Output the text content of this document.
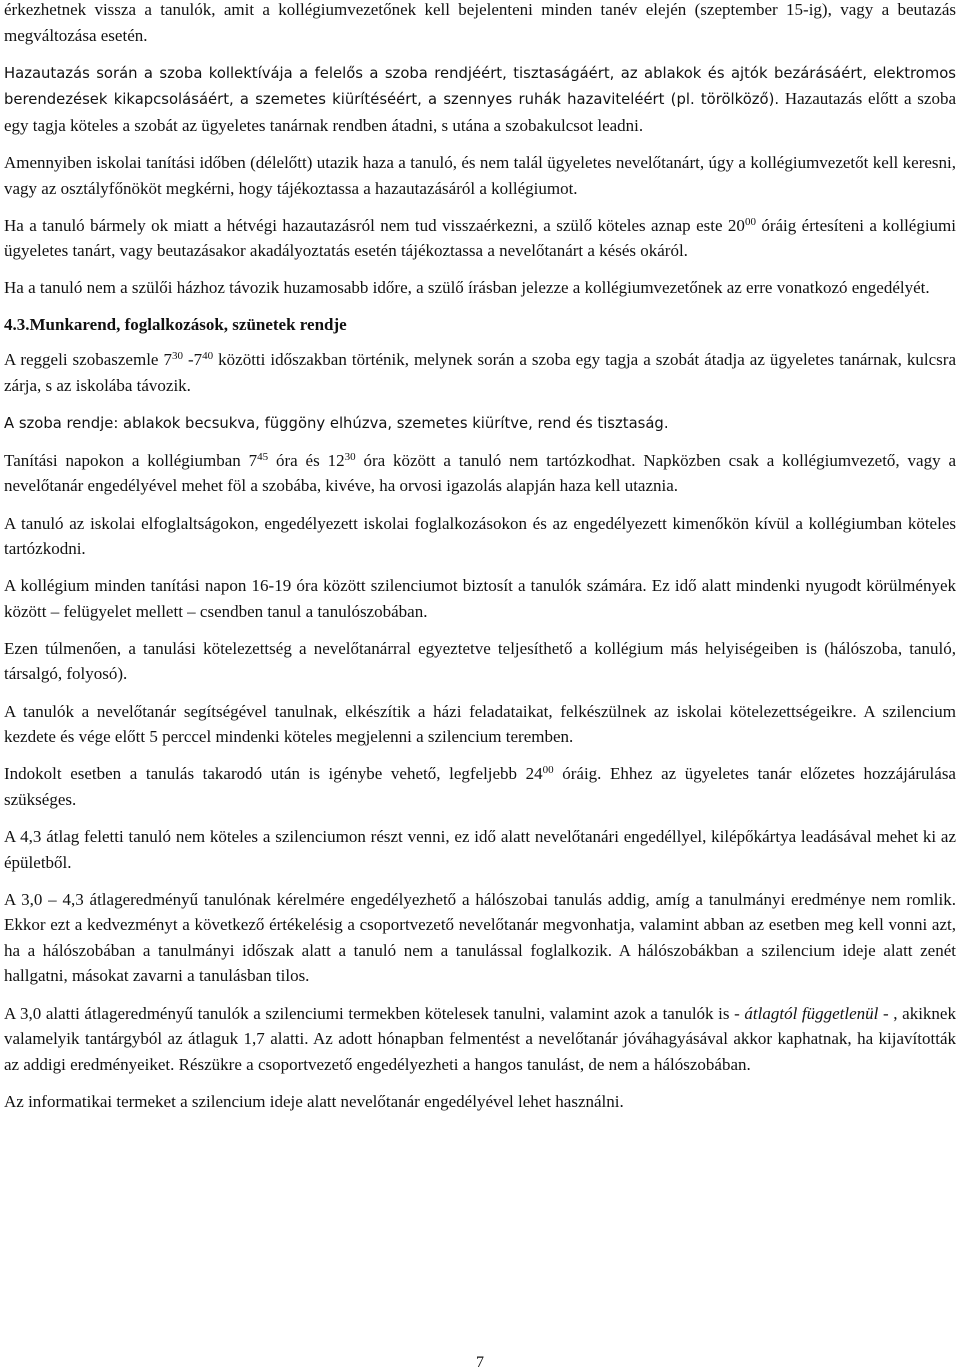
érkezhetnek vissza a tanulók, amit a kollégiumvezetőnek kell bejelenteni minden tanév elején (szeptember 15-ig), vagy a beutazás megváltozása esetén.

Hazautazás során a szoba kollektívája a felelős a szoba rendjéért, tisztaságáért, az ablakok és ajtók bezárásáért, elektromos berendezések kikapcsolásáért, a szemetes kiürítéséért, a szennyes ruhák hazaviteléért (pl. törölköző). Hazautazás előtt a szoba egy tagja köteles a szobát az ügyeletes tanárnak rendben átadni, s utána a szobakulcsot leadni.

Amennyiben iskolai tanítási időben (délelőtt) utazik haza a tanuló, és nem talál ügyeletes nevelőtanárt, úgy a kollégiumvezetőt kell keresni, vagy az osztályfőnököt megkérni, hogy tájékoztassa a hazautazásáról a kollégiumot.

Ha a tanuló bármely ok miatt a hétvégi hazautazásról nem tud visszaérkezni, a szülő köteles aznap este $20^{00}$ óráig értesíteni a kollégiumi ügyeletes tanárt, vagy beutazásakor akadályoztatás esetén tájékoztassa a nevelőtanárt a késés okáról.

Ha a tanuló nem a szülői házhoz távozik huzamosabb időre, a szülő írásban jelezze a kollégiumvezetőnek az erre vonatkozó engedélyét.

4.3.Munkarend, foglalkozások, szünetek rendje

A reggeli szobaszemle $7^{30}$ $-7^{40}$ közötti időszakban történik, melynek során a szoba egy tagja a szobát átadja az ügyeletes tanárnak, kulcsra zárja, s az iskolába távozik.

A szoba rendje: ablakok becsukva, függöny elhúzva, szemetes kiürítve, rend és tisztaság.

Tanítási napokon a kollégiumban $7^{45}$ óra és $12^{30}$ óra között a tanuló nem tartózkodhat. Napközben csak a kollégiumvezető, vagy a nevelőtanár engedélyével mehet föl a szobába, kivéve, ha orvosi igazolás alapján haza kell utaznia.

A tanuló az iskolai elfoglaltságokon, engedélyezett iskolai foglalkozásokon és az engedélyezett kimenőkön kívül a kollégiumban köteles tartózkodni.

A kollégium minden tanítási napon 16-19 óra között szilenciumot biztosít a tanulók számára. Ez idő alatt mindenki nyugodt körülmények között – felügyelet mellett – csendben tanul a tanulószobában.

Ezen túlmenően, a tanulási kötelezettség a nevelőtanárral egyeztetve teljesíthető a kollégium más helyiségeiben is (hálószoba, tanuló, társalgó, folyosó).

A tanulók a nevelőtanár segítségével tanulnak, elkészítik a házi feladataikat, felkészülnek az iskolai kötelezettségeikre. A szilencium kezdete és vége előtt 5 perccel mindenki köteles megjelenni a szilencium teremben.

Indokolt esetben a tanulás takarodó után is igénybe vehető, legfeljebb $24^{00}$ óráig. Ehhez az ügyeletes tanár előzetes hozzájárulása szükséges.

A 4,3 átlag feletti tanuló nem köteles a szilenciumon részt venni, ez idő alatt nevelőtanári engedéllyel, kilépőkártya leadásával mehet ki az épületből.

A 3,0 – 4,3 átlageredményű tanulónak kérelmére engedélyezhető a hálószobai tanulás addig, amíg a tanulmányi eredménye nem romlik. Ekkor ezt a kedvezményt a következő értékelésig a csoportvezető nevelőtanár megvonhatja, valamint abban az esetben meg kell vonni azt, ha a hálószobában a tanulmányi időszak alatt a tanuló nem a tanulással foglalkozik. A hálószobákban a szilencium ideje alatt zenét hallgatni, másokat zavarni a tanulásban tilos.

A 3,0 alatti átlageredményű tanulók a szilenciumi termekben kötelesek tanulni, valamint azok a tanulók is - átlagtól függetlenül - , akiknek valamelyik tantárgyból az átlaguk 1,7 alatti. Az adott hónapban felmentést a nevelőtanár jóváhagyásával akkor kaphatnak, ha kijavították az addigi eredményeiket. Részükre a csoportvezető engedélyezheti a hangos tanulást, de nem a hálószobában.

Az informatikai termeket a szilencium ideje alatt nevelőtanár engedélyével lehet használni.

7
